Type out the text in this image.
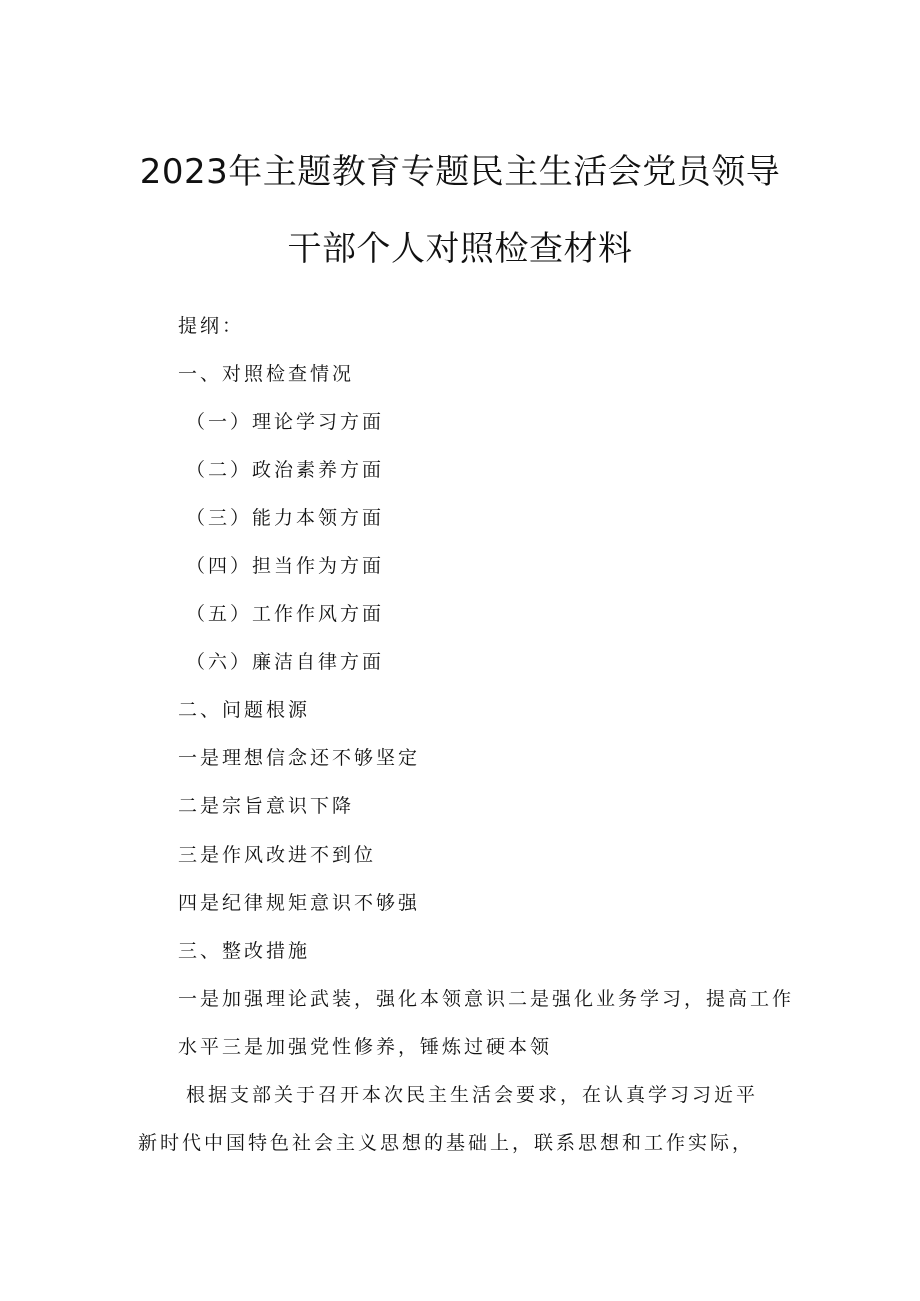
2023年主题教育专题民主生活会党员领导
干部个人对照检查材料

提纲：

一、对照检查情况

（一）理论学习方面

（二）政治素养方面

（三）能力本领方面

（四）担当作为方面

（五）工作作风方面

（六）廉洁自律方面

二、问题根源

一是理想信念还不够坚定

二是宗旨意识下降

三是作风改进不到位

四是纪律规矩意识不够强

三、整改措施

一是加强理论武装，强化本领意识二是强化业务学习，提高工作

水平三是加强党性修养，锤炼过硬本领

根据支部关于召开本次民主生活会要求，在认真学习习近平

新时代中国特色社会主义思想的基础上，联系思想和工作实际，
